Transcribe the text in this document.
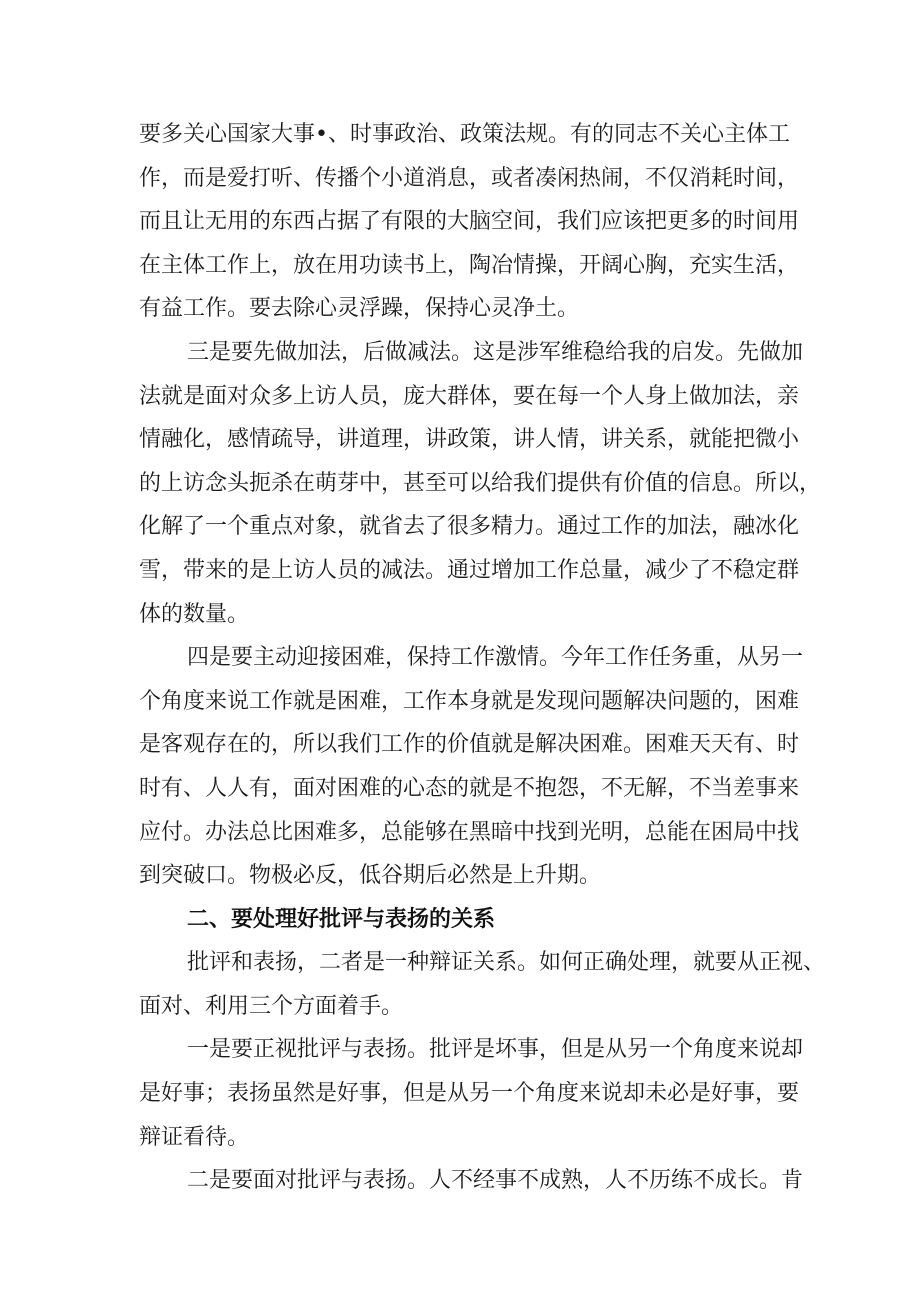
要多关心国家大事•、时事政治、政策法规。有的同志不关心主体工
作，而是爱打听、传播个小道消息，或者凑闲热闹，不仅消耗时间，
而且让无用的东西占据了有限的大脑空间，我们应该把更多的时间用
在主体工作上，放在用功读书上，陶冶情操，开阔心胸，充实生活，
有益工作。要去除心灵浮躁，保持心灵净土。
三是要先做加法，后做减法。这是涉军维稳给我的启发。先做加
法就是面对众多上访人员，庞大群体，要在每一个人身上做加法，亲
情融化，感情疏导，讲道理，讲政策，讲人情，讲关系，就能把微小
的上访念头扼杀在萌芽中，甚至可以给我们提供有价值的信息。所以，
化解了一个重点对象，就省去了很多精力。通过工作的加法，融冰化
雪，带来的是上访人员的减法。通过增加工作总量，减少了不稳定群
体的数量。
四是要主动迎接困难，保持工作激情。今年工作任务重，从另一
个角度来说工作就是困难，工作本身就是发现问题解决问题的，困难
是客观存在的，所以我们工作的价值就是解决困难。困难天天有、时
时有、人人有，面对困难的心态的就是不抱怨，不无解，不当差事来
应付。办法总比困难多，总能够在黑暗中找到光明，总能在困局中找
到突破口。物极必反，低谷期后必然是上升期。
二、要处理好批评与表扬的关系
批评和表扬，二者是一种辩证关系。如何正确处理，就要从正视、
面对、利用三个方面着手。
一是要正视批评与表扬。批评是坏事，但是从另一个角度来说却
是好事；表扬虽然是好事，但是从另一个角度来说却未必是好事，要
辩证看待。
二是要面对批评与表扬。人不经事不成熟，人不历练不成长。肯
